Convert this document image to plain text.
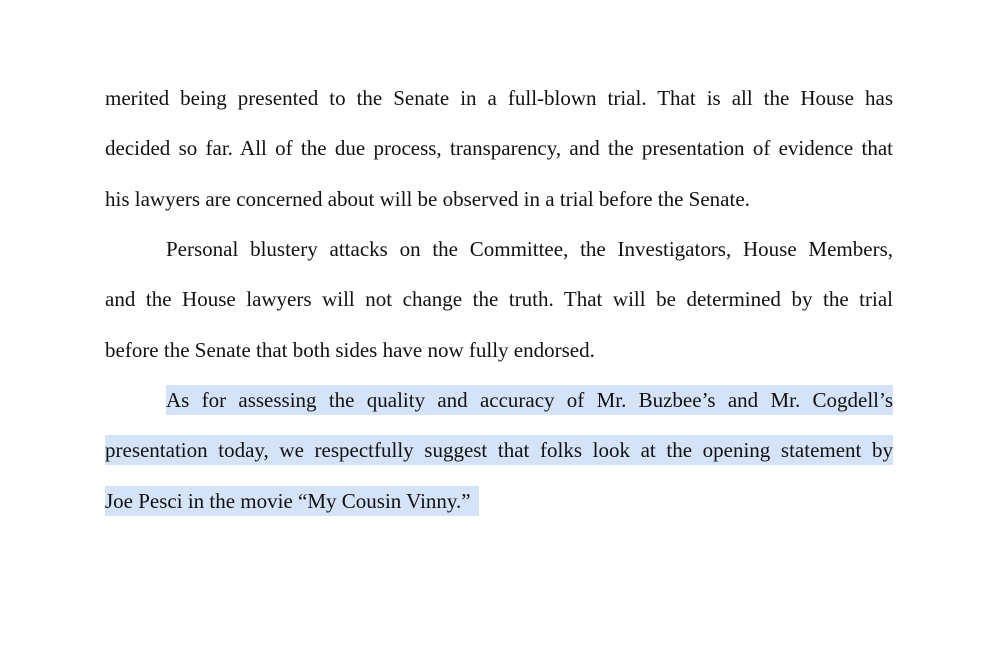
merited being presented to the Senate in a full-blown trial. That is all the House has
decided so far. All of the due process, transparency, and the presentation of evidence that
his lawyers are concerned about will be observed in a trial before the Senate.
Personal blustery attacks on the Committee, the Investigators, House Members,
and the House lawyers will not change the truth. That will be determined by the trial
before the Senate that both sides have now fully endorsed.
As for assessing the quality and accuracy of Mr. Buzbee’s and Mr. Cogdell’s
presentation today, we respectfully suggest that folks look at the opening statement by
Joe Pesci in the movie “My Cousin Vinny.”
